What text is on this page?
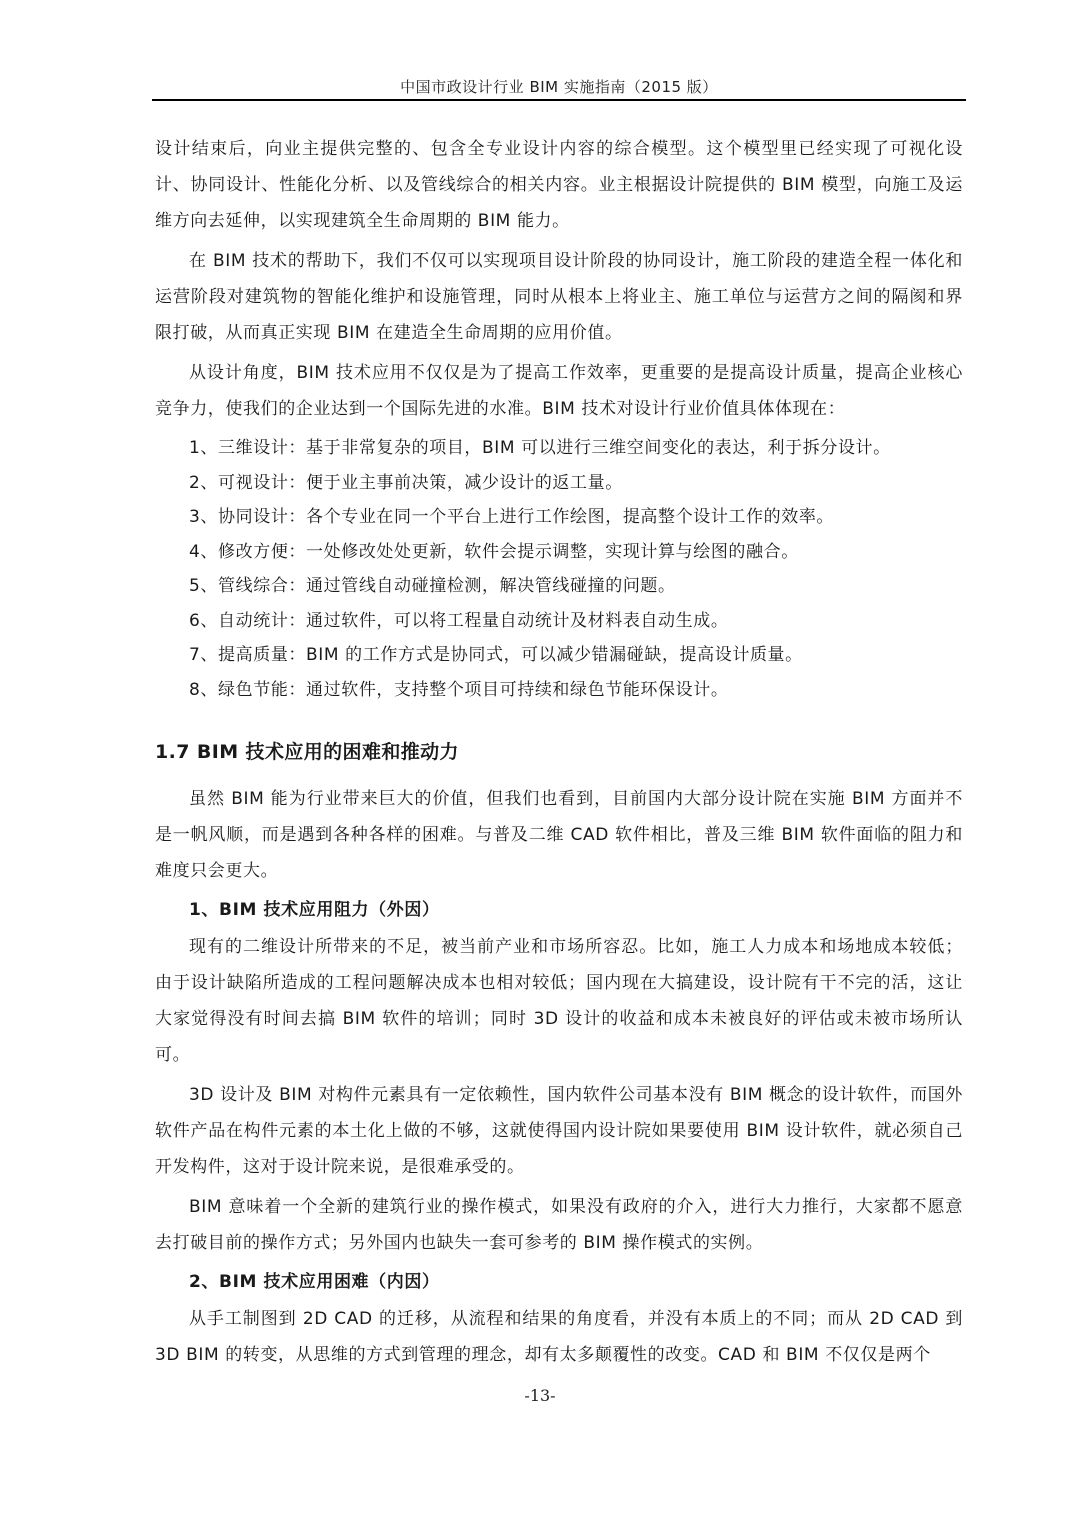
中国市政设计行业 BIM 实施指南（2015 版）

设计结束后，向业主提供完整的、包含全专业设计内容的综合模型。这个模型里已经实现了可视化设计、协同设计、性能化分析、以及管线综合的相关内容。业主根据设计院提供的 BIM 模型，向施工及运维方向去延伸，以实现建筑全生命周期的 BIM 能力。

在 BIM 技术的帮助下，我们不仅可以实现项目设计阶段的协同设计，施工阶段的建造全程一体化和运营阶段对建筑物的智能化维护和设施管理，同时从根本上将业主、施工单位与运营方之间的隔阂和界限打破，从而真正实现 BIM 在建造全生命周期的应用价值。

从设计角度，BIM 技术应用不仅仅是为了提高工作效率，更重要的是提高设计质量，提高企业核心竞争力，使我们的企业达到一个国际先进的水准。BIM 技术对设计行业价值具体体现在：

1、三维设计：基于非常复杂的项目，BIM 可以进行三维空间变化的表达，利于拆分设计。

2、可视设计：便于业主事前决策，减少设计的返工量。

3、协同设计：各个专业在同一个平台上进行工作绘图，提高整个设计工作的效率。

4、修改方便：一处修改处处更新，软件会提示调整，实现计算与绘图的融合。

5、管线综合：通过管线自动碰撞检测，解决管线碰撞的问题。

6、自动统计：通过软件，可以将工程量自动统计及材料表自动生成。

7、提高质量：BIM 的工作方式是协同式，可以减少错漏碰缺，提高设计质量。

8、绿色节能：通过软件，支持整个项目可持续和绿色节能环保设计。

1.7 BIM 技术应用的困难和推动力

虽然 BIM 能为行业带来巨大的价值，但我们也看到，目前国内大部分设计院在实施 BIM 方面并不是一帆风顺，而是遇到各种各样的困难。与普及二维 CAD 软件相比，普及三维 BIM 软件面临的阻力和难度只会更大。

1、BIM 技术应用阻力（外因）

现有的二维设计所带来的不足，被当前产业和市场所容忍。比如，施工人力成本和场地成本较低；由于设计缺陷所造成的工程问题解决成本也相对较低；国内现在大搞建设，设计院有干不完的活，这让大家觉得没有时间去搞 BIM 软件的培训；同时 3D 设计的收益和成本未被良好的评估或未被市场所认可。

3D 设计及 BIM 对构件元素具有一定依赖性，国内软件公司基本没有 BIM 概念的设计软件，而国外软件产品在构件元素的本土化上做的不够，这就使得国内设计院如果要使用 BIM 设计软件，就必须自己开发构件，这对于设计院来说，是很难承受的。

BIM 意味着一个全新的建筑行业的操作模式，如果没有政府的介入，进行大力推行，大家都不愿意去打破目前的操作方式；另外国内也缺失一套可参考的 BIM 操作模式的实例。

2、BIM 技术应用困难（内因）

从手工制图到 2D CAD 的迁移，从流程和结果的角度看，并没有本质上的不同；而从 2D CAD 到 3D BIM 的转变，从思维的方式到管理的理念，却有太多颠覆性的改变。CAD 和 BIM 不仅仅是两个

-13-
